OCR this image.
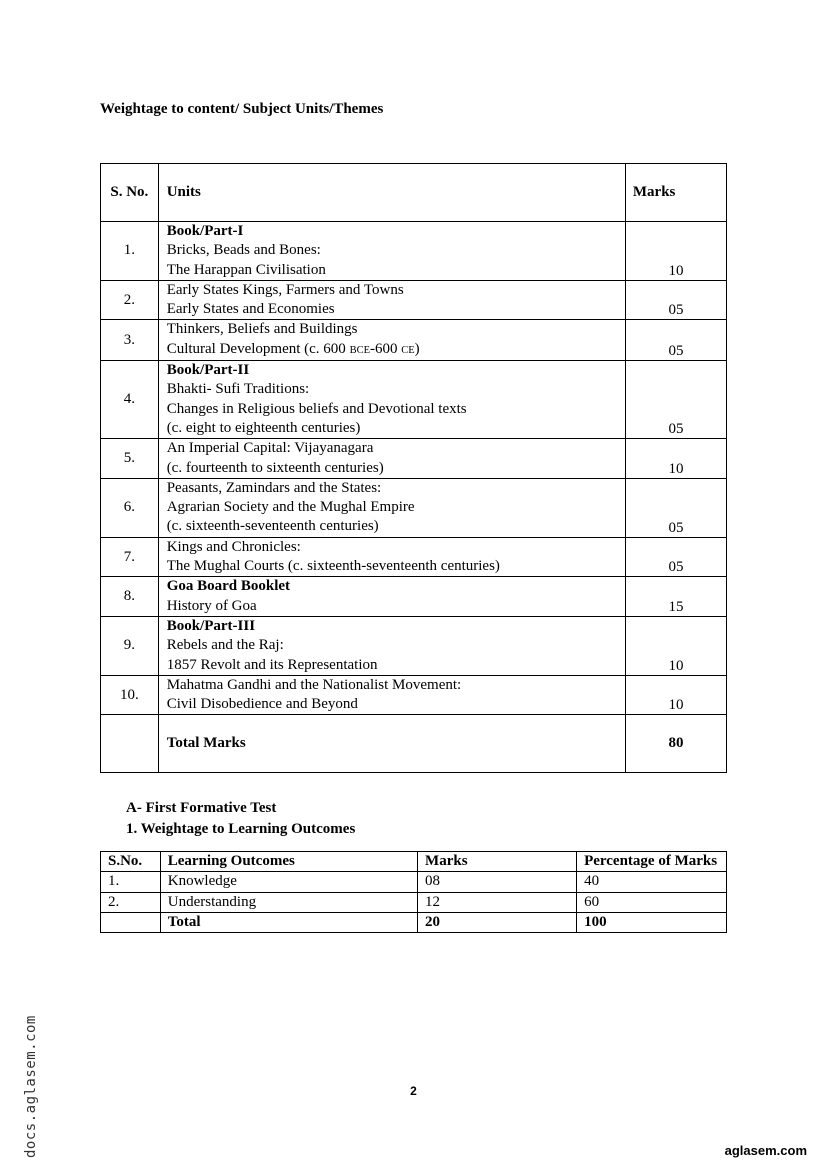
Weightage to content/ Subject Units/Themes
S. No.	Units	Marks
1.	Book/Part-I
Bricks, Beads and Bones:
The Harappan Civilisation	10
2.	Early States Kings, Farmers and Towns
Early States and Economies	05
3.	Thinkers, Beliefs and Buildings
Cultural Development (c. 600 BCE-600 CE)	05
4.	Book/Part-II
Bhakti- Sufi Traditions:
Changes in Religious beliefs and Devotional texts
(c. eight to eighteenth centuries)	05
5.	An Imperial Capital: Vijayanagara
(c. fourteenth to sixteenth centuries)	10
6.	Peasants, Zamindars and the States:
Agrarian Society and the Mughal Empire
(c. sixteenth-seventeenth centuries)	05
7.	Kings and Chronicles:
The Mughal Courts (c. sixteenth-seventeenth centuries)	05
8.	Goa Board Booklet
History of Goa	15
9.	Book/Part-III
Rebels and the Raj:
1857 Revolt and its Representation	10
10.	Mahatma Gandhi and the Nationalist Movement:
Civil Disobedience and Beyond	10
	Total Marks	80
A- First Formative Test
1. Weightage to Learning Outcomes
S.No.	Learning Outcomes	Marks	Percentage of Marks
1.	Knowledge	08	40
2.	Understanding	12	60
	Total	20	100
2
docs.aglasem.com	aglasem.com
